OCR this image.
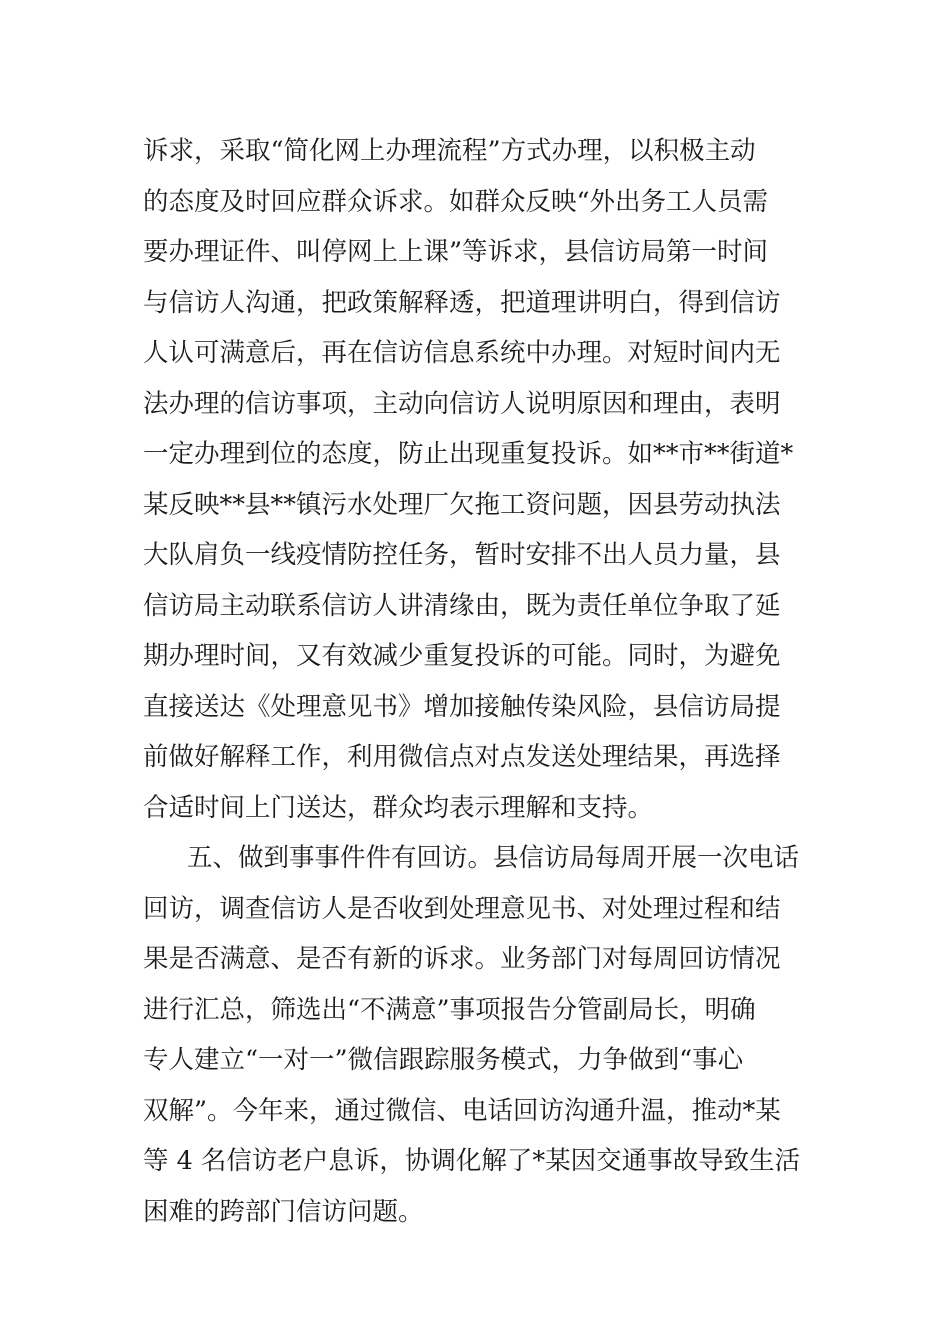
诉求，采取“简化网上办理流程”方式办理，以积极主动
的态度及时回应群众诉求。如群众反映“外出务工人员需
要办理证件、叫停网上上课”等诉求，县信访局第一时间
与信访人沟通，把政策解释透，把道理讲明白，得到信访
人认可满意后，再在信访信息系统中办理。对短时间内无
法办理的信访事项，主动向信访人说明原因和理由，表明
一定办理到位的态度，防止出现重复投诉。如**市**街道*
某反映**县**镇污水处理厂欠拖工资问题，因县劳动执法
大队肩负一线疫情防控任务，暂时安排不出人员力量，县
信访局主动联系信访人讲清缘由，既为责任单位争取了延
期办理时间，又有效减少重复投诉的可能。同时，为避免
直接送达《处理意见书》增加接触传染风险，县信访局提
前做好解释工作，利用微信点对点发送处理结果，再选择
合适时间上门送达，群众均表示理解和支持。
五、做到事事件件有回访。县信访局每周开展一次电话
回访，调查信访人是否收到处理意见书、对处理过程和结
果是否满意、是否有新的诉求。业务部门对每周回访情况
进行汇总，筛选出“不满意”事项报告分管副局长，明确
专人建立“一对一”微信跟踪服务模式，力争做到“事心
双解”。今年来，通过微信、电话回访沟通升温，推动*某
等 4 名信访老户息诉，协调化解了*某因交通事故导致生活
困难的跨部门信访问题。
